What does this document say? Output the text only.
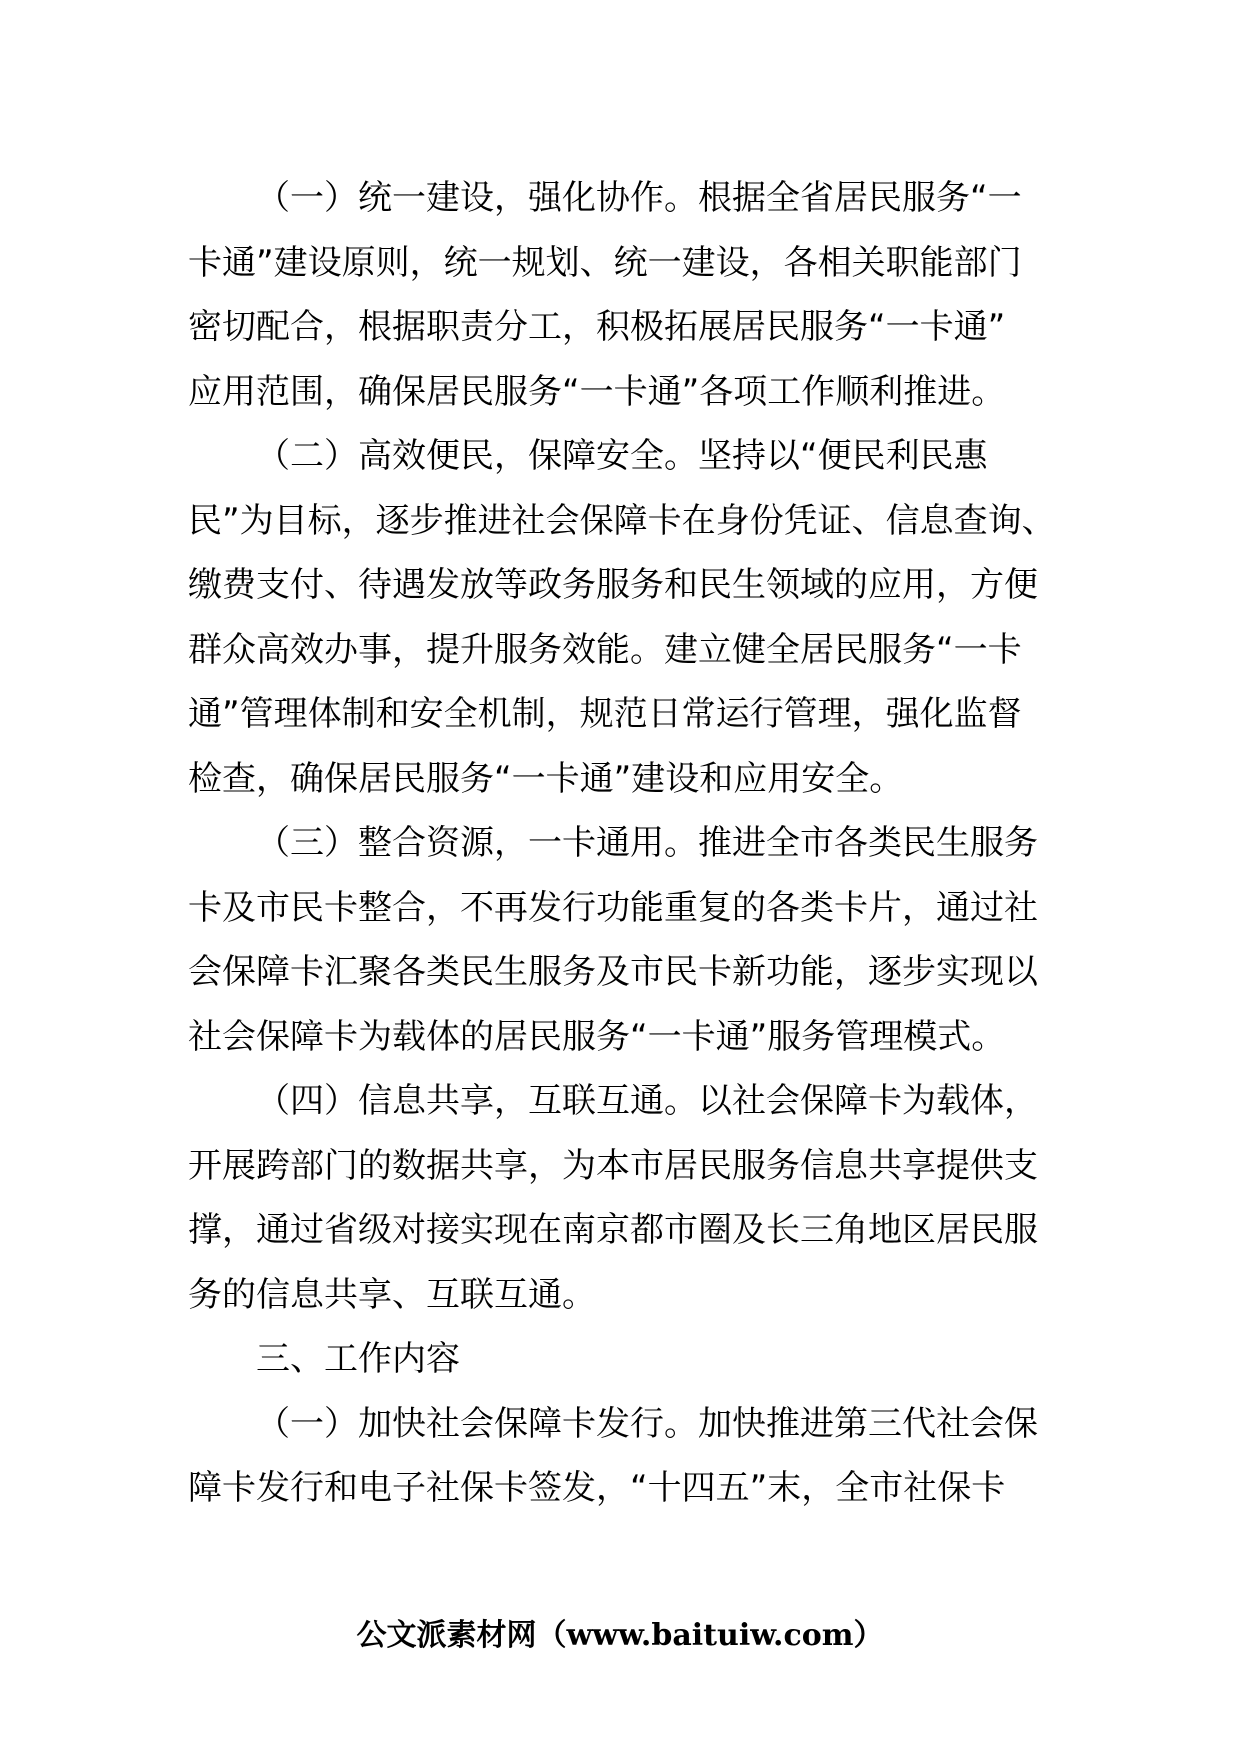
（一）统一建设，强化协作。根据全省居民服务“一
卡通”建设原则，统一规划、统一建设，各相关职能部门
密切配合，根据职责分工，积极拓展居民服务“一卡通”
应用范围，确保居民服务“一卡通”各项工作顺利推进。
（二）高效便民，保障安全。坚持以“便民利民惠
民”为目标，逐步推进社会保障卡在身份凭证、信息查询、
缴费支付、待遇发放等政务服务和民生领域的应用，方便
群众高效办事，提升服务效能。建立健全居民服务“一卡
通”管理体制和安全机制，规范日常运行管理，强化监督
检查，确保居民服务“一卡通”建设和应用安全。
（三）整合资源，一卡通用。推进全市各类民生服务
卡及市民卡整合，不再发行功能重复的各类卡片，通过社
会保障卡汇聚各类民生服务及市民卡新功能，逐步实现以
社会保障卡为载体的居民服务“一卡通”服务管理模式。
（四）信息共享，互联互通。以社会保障卡为载体，
开展跨部门的数据共享，为本市居民服务信息共享提供支
撑，通过省级对接实现在南京都市圈及长三角地区居民服
务的信息共享、互联互通。
三、工作内容
（一）加快社会保障卡发行。加快推进第三代社会保
障卡发行和电子社保卡签发，“十四五”末，全市社保卡
公文派素材网（www.baituiw.com）
